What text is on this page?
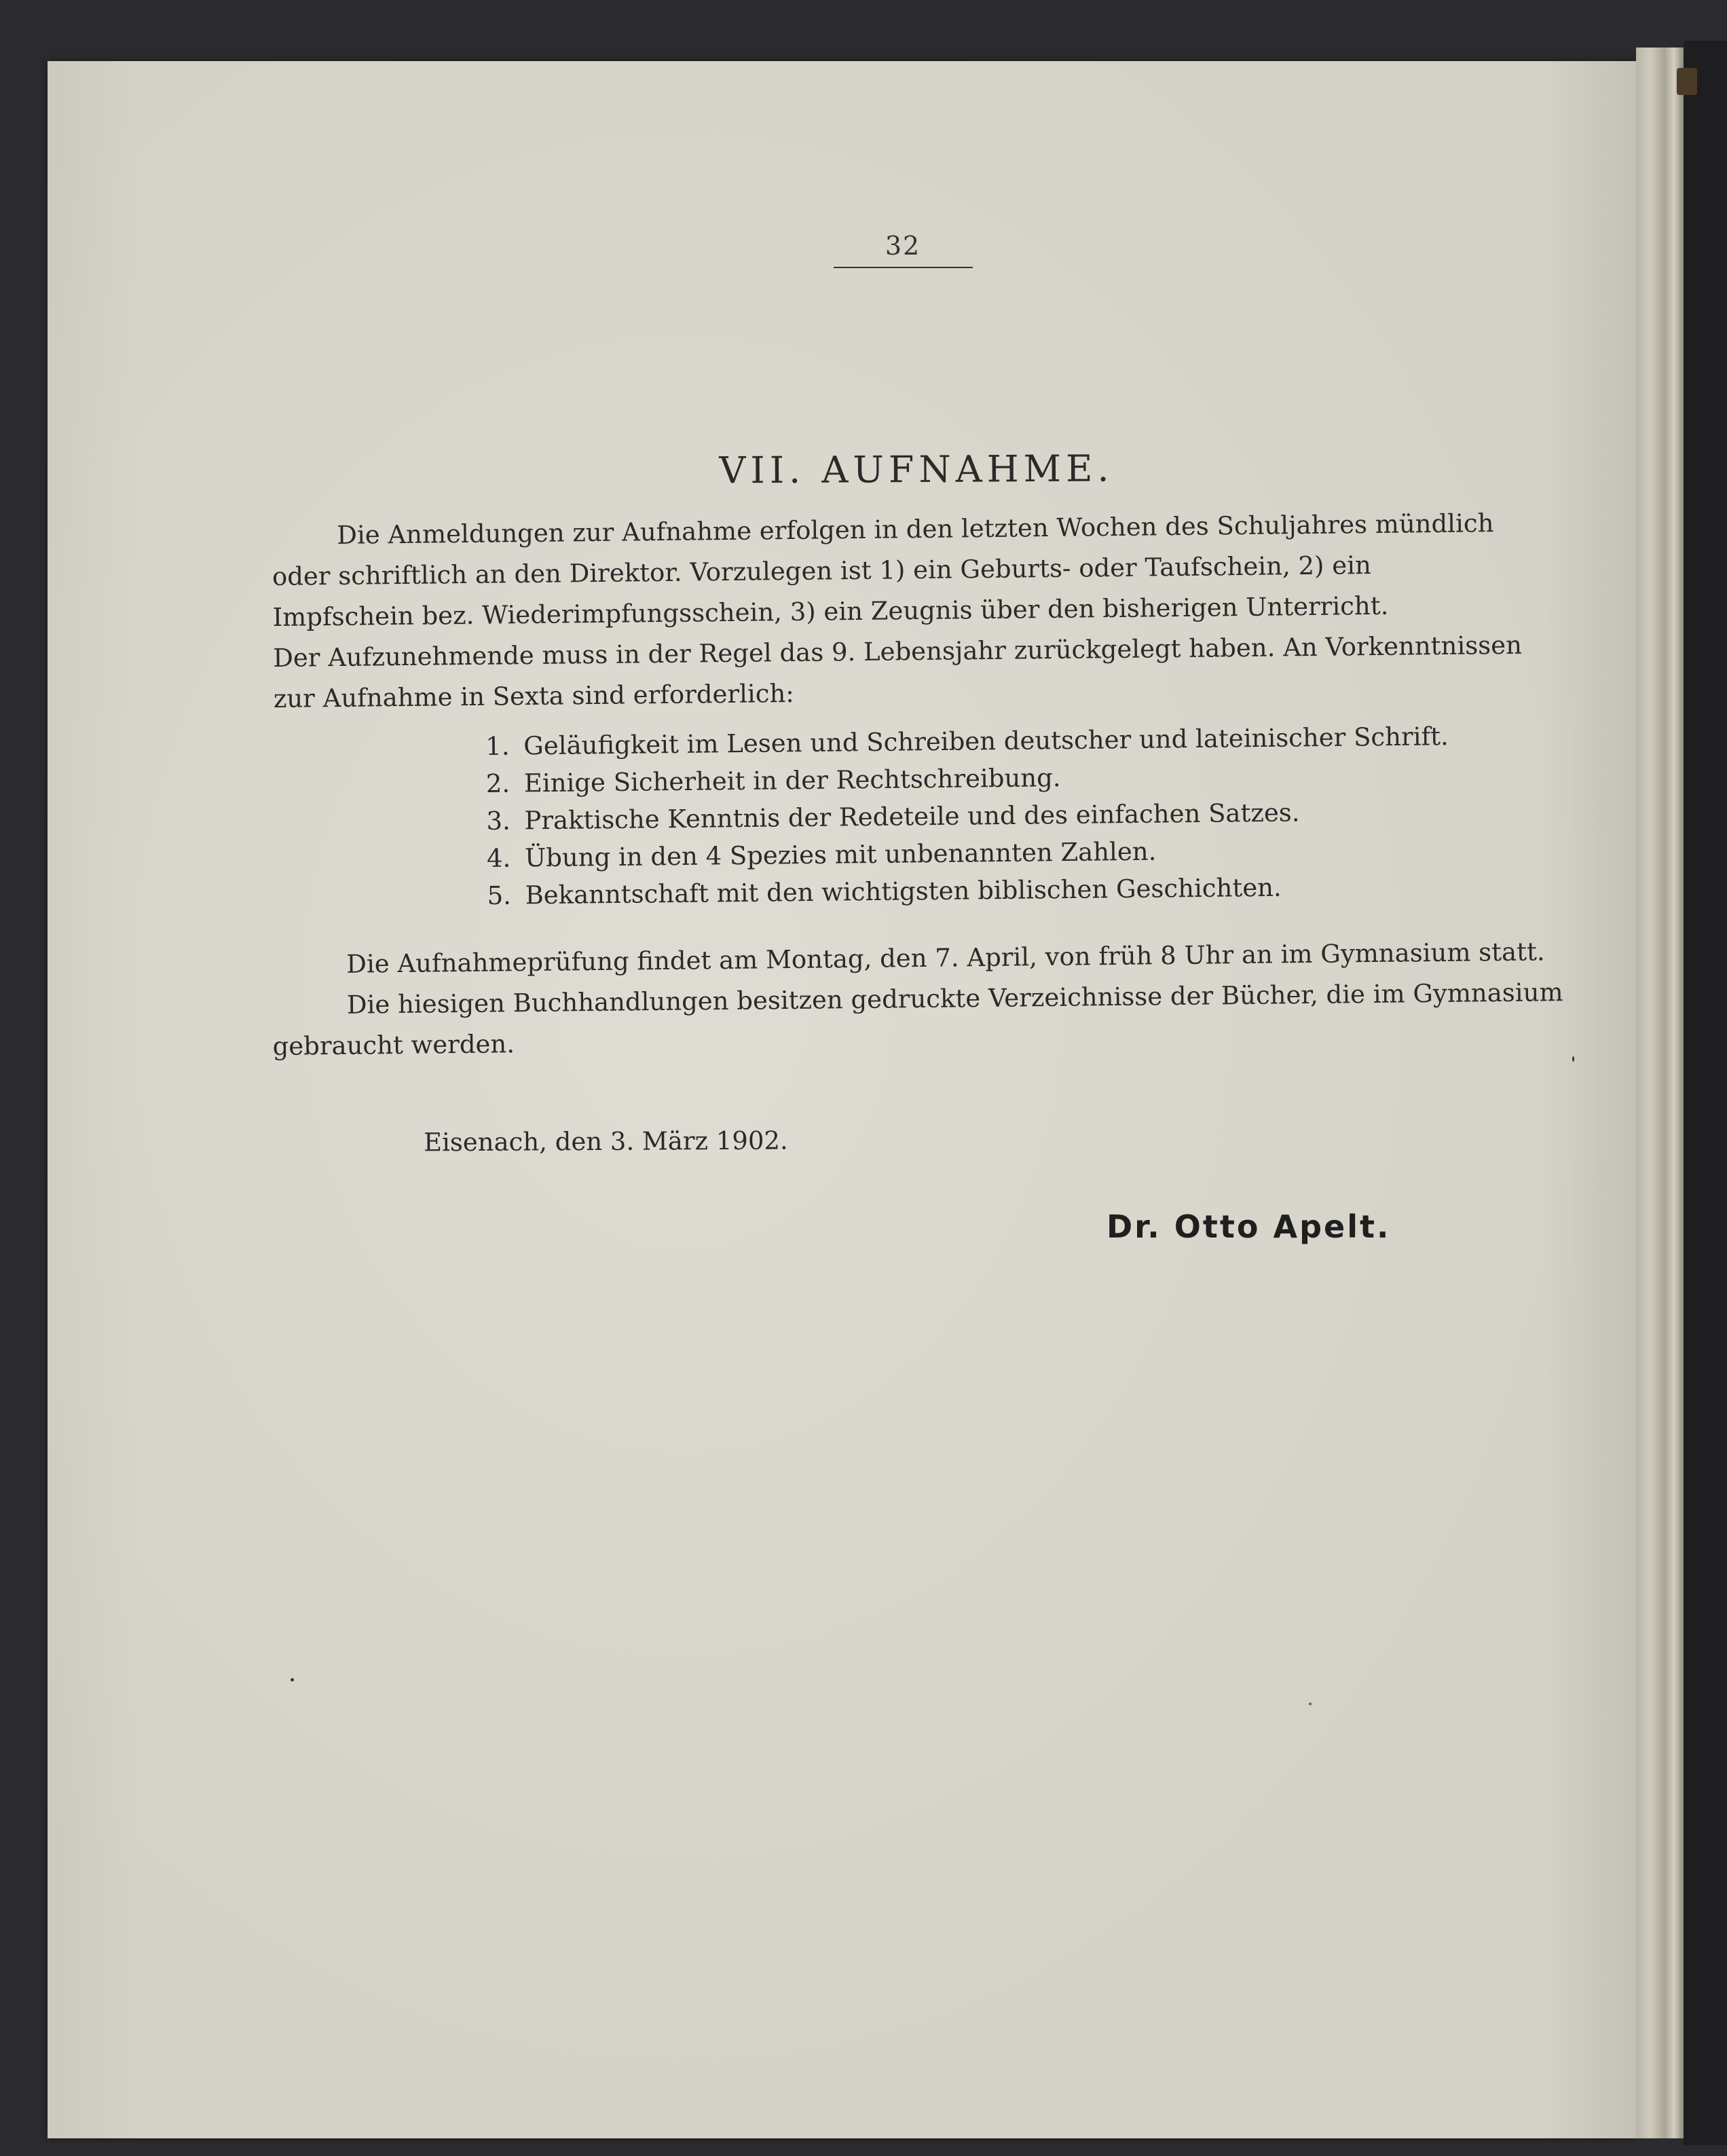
32
VII. AUFNAHME.
Die Anmeldungen zur Aufnahme erfolgen in den letzten Wochen des Schuljahres mündlich
oder schriftlich an den Direktor. Vorzulegen ist 1) ein Geburts- oder Taufschein, 2) ein
Impfschein bez. Wiederimpfungsschein, 3) ein Zeugnis über den bisherigen Unterricht.
Der Aufzunehmende muss in der Regel das 9. Lebensjahr zurückgelegt haben. An Vorkenntnissen
zur Aufnahme in Sexta sind erforderlich:
1. Geläufigkeit im Lesen und Schreiben deutscher und lateinischer Schrift.
2. Einige Sicherheit in der Rechtschreibung.
3. Praktische Kenntnis der Redeteile und des einfachen Satzes.
4. Übung in den 4 Spezies mit unbenannten Zahlen.
5. Bekanntschaft mit den wichtigsten biblischen Geschichten.
Die Aufnahmeprüfung findet am Montag, den 7. April, von früh 8 Uhr an im Gymnasium statt.
Die hiesigen Buchhandlungen besitzen gedruckte Verzeichnisse der Bücher, die im Gymnasium
gebraucht werden.
Eisenach, den 3. März 1902.
Dr. Otto Apelt.
